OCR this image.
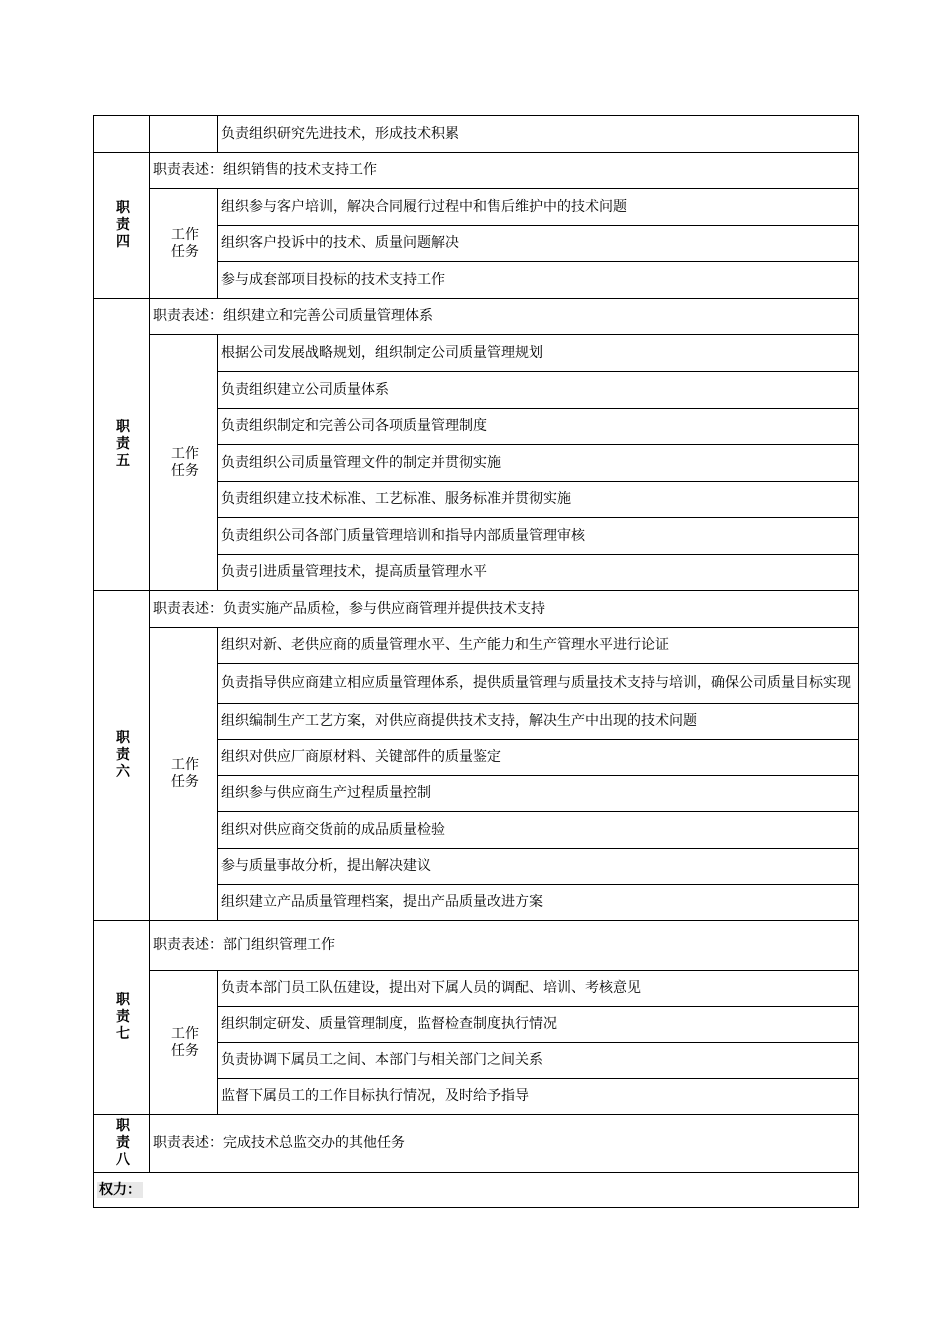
		负责组织研究先进技术，形成技术积累

职
责
四	职责表述：组织销售的技术支持工作	

	工作
任务	组织参与客户培训，解决合同履行过程中和售后维护中的技术问题
		组织客户投诉中的技术、质量问题解决
		参与成套部项目投标的技术支持工作

职
责
五	职责表述：组织建立和完善公司质量管理体系	

	工作
任务	根据公司发展战略规划，组织制定公司质量管理规划
		负责组织建立公司质量体系
		负责组织制定和完善公司各项质量管理制度
		负责组织公司质量管理文件的制定并贯彻实施
		负责组织建立技术标准、工艺标准、服务标准并贯彻实施
		负责组织公司各部门质量管理培训和指导内部质量管理审核
		负责引进质量管理技术，提高质量管理水平

职
责
六	职责表述：负责实施产品质检，参与供应商管理并提供技术支持	

	工作
任务	组织对新、老供应商的质量管理水平、生产能力和生产管理水平进行论证
		负责指导供应商建立相应质量管理体系，提供质量管理与质量技术支持与培训，确保公司质量目标实现
		组织编制生产工艺方案，对供应商提供技术支持，解决生产中出现的技术问题
		组织对供应厂商原材料、关键部件的质量鉴定
		组织参与供应商生产过程质量控制
		组织对供应商交货前的成品质量检验
		参与质量事故分析，提出解决建议
		组织建立产品质量管理档案，提出产品质量改进方案

职
责
七	职责表述：部门组织管理工作	

	工作
任务	负责本部门员工队伍建设，提出对下属人员的调配、培训、考核意见
		组织制定研发、质量管理制度，监督检查制度执行情况
		负责协调下属员工之间、本部门与相关部门之间关系
		监督下属员工的工作目标执行情况，及时给予指导

职
责
八	职责表述：完成技术总监交办的其他任务	
权力：		
